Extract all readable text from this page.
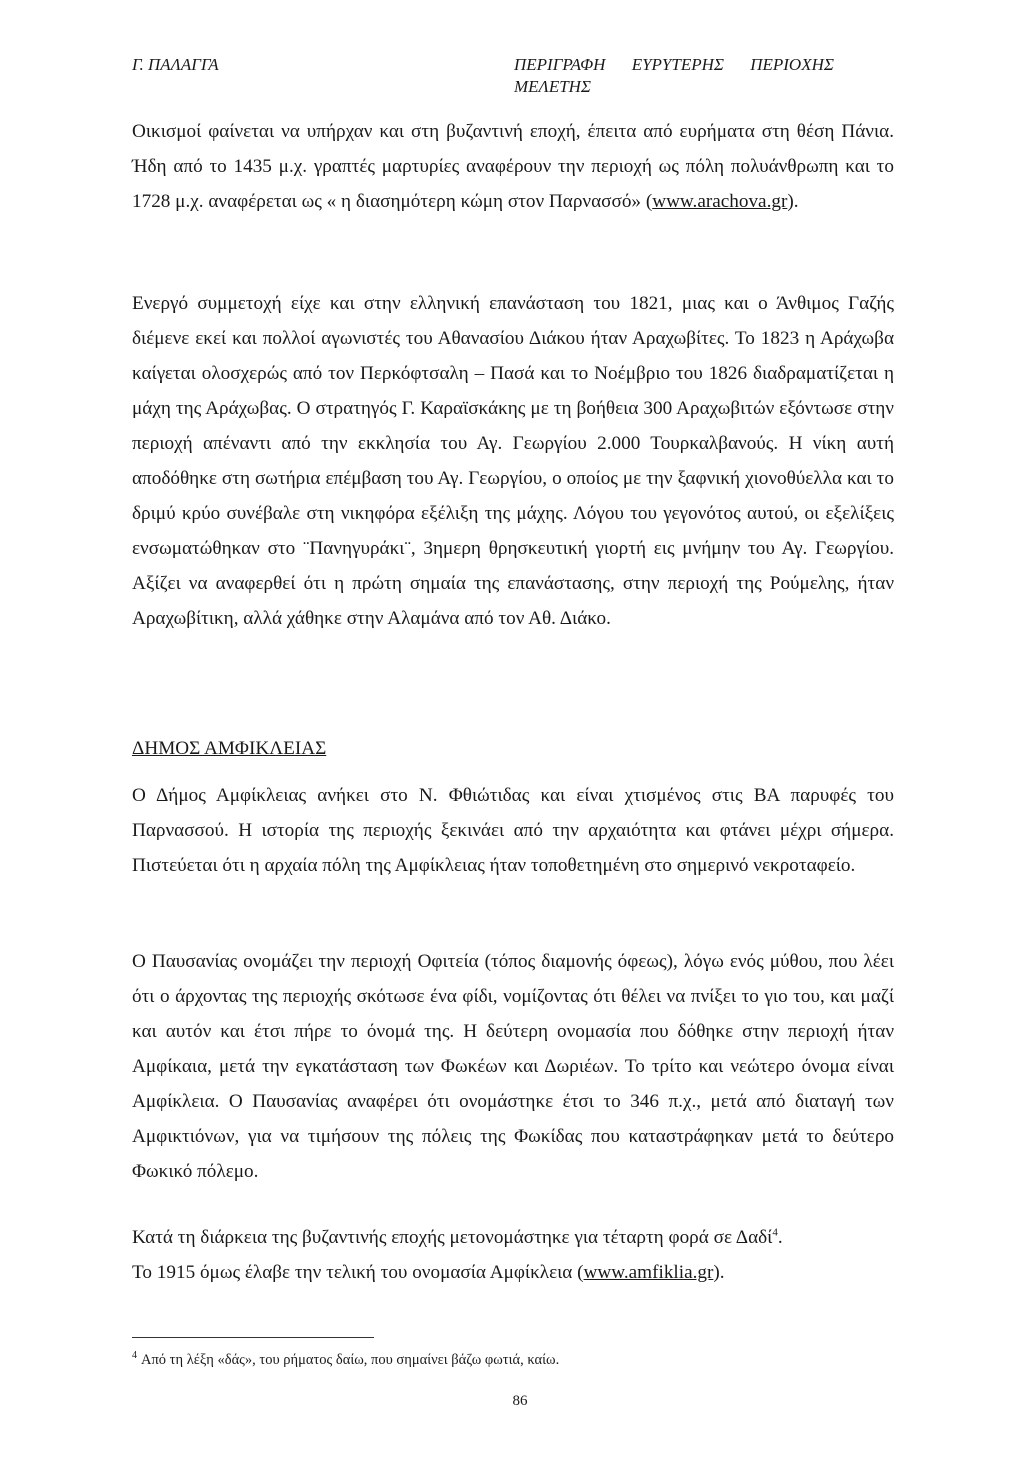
Γ. ΠΑΛΑΓΓΑ	ΠΕΡΙΓΡΑΦΗ ΕΥΡΥΤΕΡΗΣ ΠΕΡΙΟΧΗΣ ΜΕΛΕΤΗΣ

Οικισμοί φαίνεται να υπήρχαν και στη βυζαντινή εποχή, έπειτα από ευρήματα στη θέση Πάνια. Ήδη από το 1435 μ.χ. γραπτές μαρτυρίες αναφέρουν την περιοχή ως πόλη πολυάνθρωπη και το 1728 μ.χ. αναφέρεται ως « η διασημότερη κώμη στον Παρνασσό» (www.arachova.gr).

Ενεργό συμμετοχή είχε και στην ελληνική επανάσταση του 1821, μιας και ο Άνθιμος Γαζής διέμενε εκεί και πολλοί αγωνιστές του Αθανασίου Διάκου ήταν Αραχωβίτες. Το 1823 η Αράχωβα καίγεται ολοσχερώς από τον Περκόφτσαλη – Πασά και το Νοέμβριο του 1826 διαδραματίζεται η μάχη της Αράχωβας. Ο στρατηγός Γ. Καραϊσκάκης με τη βοήθεια 300 Αραχωβιτών εξόντωσε στην περιοχή απέναντι από την εκκλησία του Αγ. Γεωργίου 2.000 Τουρκαλβανούς. Η νίκη αυτή αποδόθηκε στη σωτήρια επέμβαση του Αγ. Γεωργίου, ο οποίος με την ξαφνική χιονοθύελλα και το δριμύ κρύο συνέβαλε στη νικηφόρα εξέλιξη της μάχης. Λόγου του γεγονότος αυτού, οι εξελίξεις ενσωματώθηκαν στο ¨Πανηγυράκι¨, 3ημερη θρησκευτική γιορτή εις μνήμην του Αγ. Γεωργίου. Αξίζει να αναφερθεί ότι η πρώτη σημαία της επανάστασης, στην περιοχή της Ρούμελης, ήταν Αραχωβίτικη, αλλά χάθηκε στην Αλαμάνα από τον Αθ. Διάκο.

ΔΗΜΟΣ ΑΜΦΙΚΛΕΙΑΣ

Ο Δήμος Αμφίκλειας ανήκει στο Ν. Φθιώτιδας και είναι χτισμένος στις ΒΑ παρυφές του Παρνασσού. Η ιστορία της περιοχής ξεκινάει από την αρχαιότητα και φτάνει μέχρι σήμερα. Πιστεύεται ότι η αρχαία πόλη της Αμφίκλειας ήταν τοποθετημένη στο σημερινό νεκροταφείο.

Ο Παυσανίας ονομάζει την περιοχή Οφιτεία (τόπος διαμονής όφεως), λόγω ενός μύθου, που λέει ότι ο άρχοντας της περιοχής σκότωσε ένα φίδι, νομίζοντας ότι θέλει να πνίξει το γιο του, και μαζί και αυτόν και έτσι πήρε το όνομά της. Η δεύτερη ονομασία που δόθηκε στην περιοχή ήταν Αμφίκαια, μετά την εγκατάσταση των Φωκέων και Δωριέων. Το τρίτο και νεώτερο όνομα είναι Αμφίκλεια. Ο Παυσανίας αναφέρει ότι ονομάστηκε έτσι το 346 π.χ., μετά από διαταγή των Αμφικτιόνων, για να τιμήσουν της πόλεις της Φωκίδας που καταστράφηκαν μετά το δεύτερο Φωκικό πόλεμο.

Κατά τη διάρκεια της βυζαντινής εποχής μετονομάστηκε για τέταρτη φορά σε Δαδί$^4$.
Το 1915 όμως έλαβε την τελική του ονομασία Αμφίκλεια (www.amfiklia.gr).

$^4$ Από τη λέξη «δάς», του ρήματος δαίω, που σημαίνει βάζω φωτιά, καίω.

86
